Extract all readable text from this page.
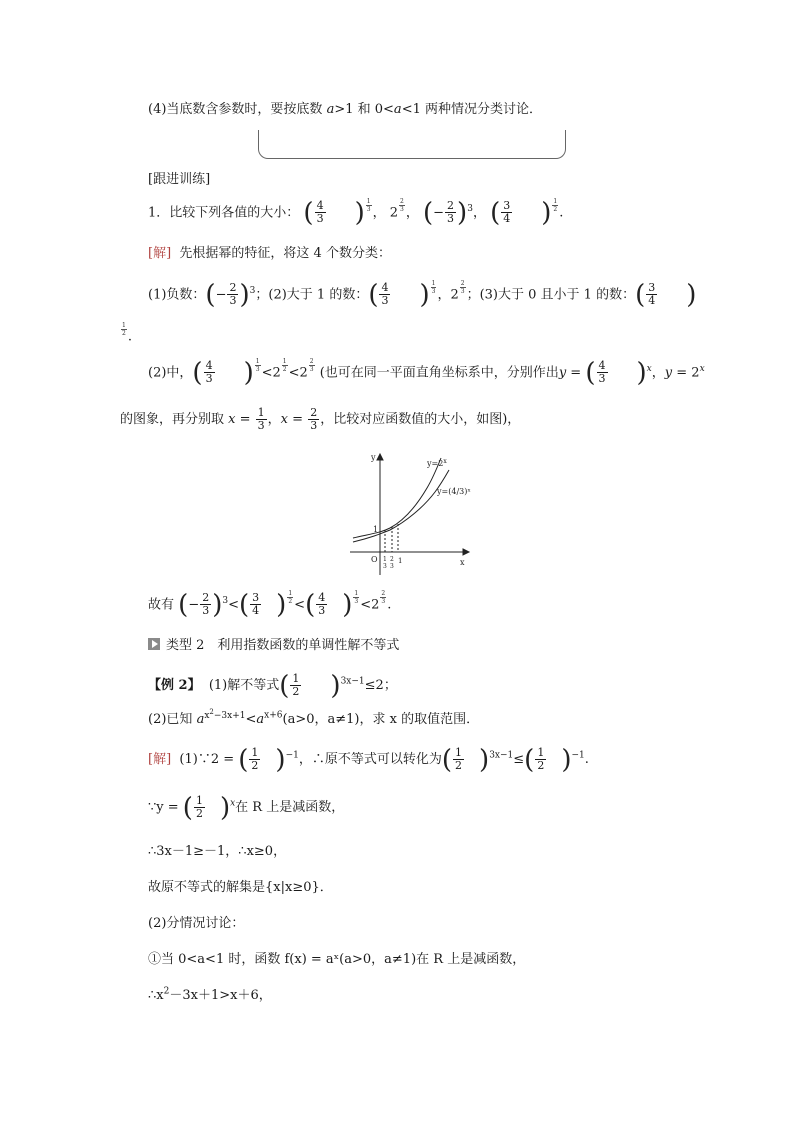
(4)当底数含参数时，要按底数 a>1 和 0<a<1 两种情况分类讨论．
[跟进训练]
1．比较下列各值的大小： ( $\frac{4}{3}$ ) $\frac{1}{3}$ ， $2 \frac{2}{3}$ ， (− $\frac{2}{3} )^3$， ( $\frac{3}{4}$ ) $\frac{1}{2}$ .
[解] 先根据幂的特征，将这 4 个数分类：
(1)负数：(− $\frac{2}{3} )^3$；(2)大于 1 的数：( $\frac{4}{3}$ ) $\frac{1}{3}$ ，$2 \frac{2}{3}$ ；(3)大于 0 且小于 1 的数：( $\frac{3}{4}$ )
$\frac{1}{2}$ .
(2)中，( $\frac{4}{3}$ ) $\frac{1}{3} <2 \frac{1}{2} <2 \frac{2}{3}$ (也可在同一平面直角坐标系中，分别作出y = ( $\frac{4}{3} )^x$，$y = 2^x$
的图象，再分别取 $x = \frac{1}{3}$ ，$x = \frac{2}{3}$ ，比较对应函数值的大小，如图)，
y
x
O
1
$y=2^x$
y=(4/3)ˣ
1
3
2
3
1
故有 (− $\frac{2}{3} )^3<( \frac{3}{4}$ ) $\frac{1}{2}$ <( $\frac{4}{3}$ ) $\frac{1}{3} <2 \frac{2}{3}$ .
类型 2　利用指数函数的单调性解不等式
【例 2】 (1)解不等式( $\frac{1}{2} )^{3x-1}\le 2$；
(2)已知 $a^{x^2-3x+1}<a^{x+6}(a>0$，a≠1)，求 x 的取值范围．
[解] (1)∵2 = ( $\frac{1}{2} )^{-1}$，∴原不等式可以转化为( $\frac{1}{2} )^{3x-1}\le( \frac{1}{2} )^{-1}$.
∵y = ( $\frac{1}{2} )^x$在 R 上是减函数，
∴3x－1≥－1，∴x≥0，
故原不等式的解集是{x|x≥0}．
(2)分情况讨论：
①当 0<a<1 时，函数 f(x) = aˣ(a>0，a≠1)在 R 上是减函数，
$\therefore x^2-3x+1>x+6$，
